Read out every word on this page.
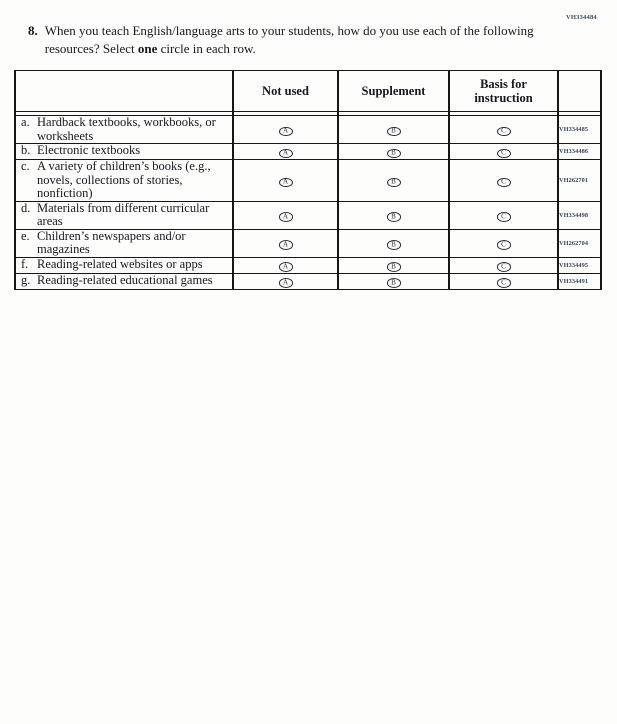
VH334484
8. When you teach English/language arts to your students, how do you use each of the following resources? Select one circle in each row.
	Not used	Supplement	Basis for instruction	

a. Hardback textbooks, workbooks, or worksheets	A	B	C	VH334485

b. Electronic textbooks	A	B	C	VH334486

c. A variety of children’s books (e.g., novels, collections of stories, nonfiction)	A	B	C	VH262701

d. Materials from different curricular areas	A	B	C	VH334498

e. Children’s newspapers and/or magazines	A	B	C	VH262704

f. Reading-related websites or apps	A	B	C	VH334495

g. Reading-related educational games	A	B	C	VH334491
